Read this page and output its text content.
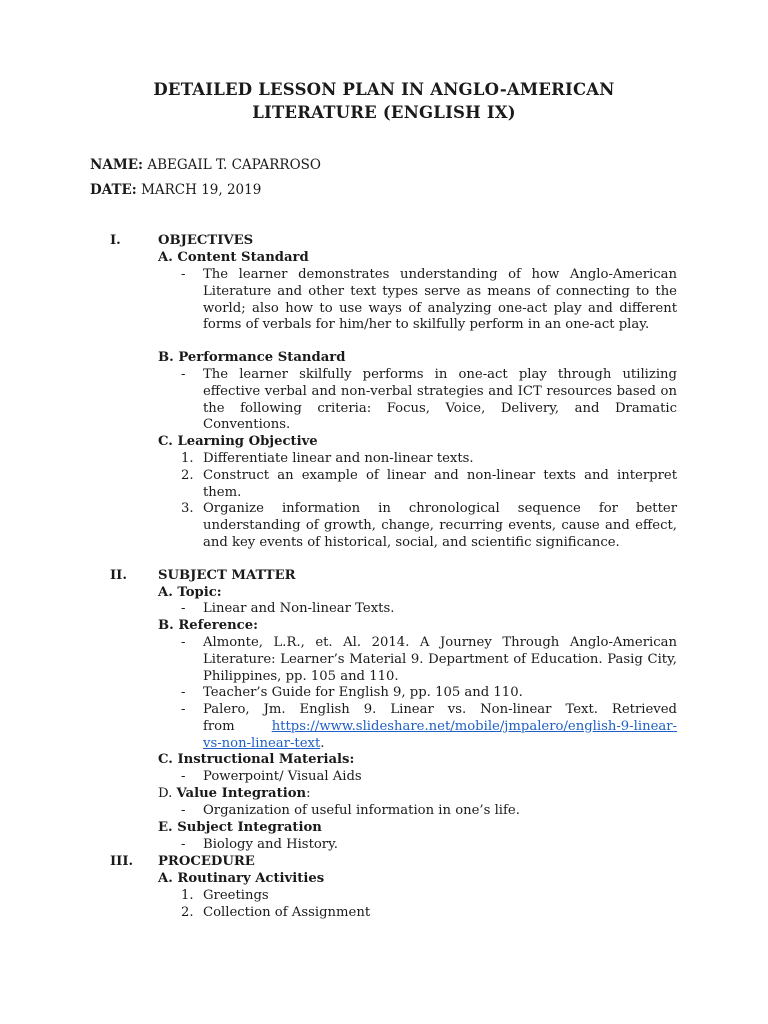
DETAILED LESSON PLAN IN ANGLO-AMERICAN
LITERATURE (ENGLISH IX)
NAME: ABEGAIL T. CAPARROSO
DATE: MARCH 19, 2019
I.	OBJECTIVES
A. Content Standard
- The learner demonstrates understanding of how Anglo-American Literature and other text types serve as means of connecting to the world; also how to use ways of analyzing one-act play and different forms of verbals for him/her to skilfully perform in an one-act play.
B. Performance Standard
- The learner skilfully performs in one-act play through utilizing effective verbal and non-verbal strategies and ICT resources based on the following criteria: Focus, Voice, Delivery, and Dramatic Conventions.
C. Learning Objective
1. Differentiate linear and non-linear texts.
2. Construct an example of linear and non-linear texts and interpret them.
3. Organize information in chronological sequence for better understanding of growth, change, recurring events, cause and effect, and key events of historical, social, and scientific significance.
II. SUBJECT MATTER
A. Topic:
- Linear and Non-linear Texts.
B. Reference:
- Almonte, L.R., et. Al. 2014. A Journey Through Anglo-American Literature: Learner’s Material 9. Department of Education. Pasig City, Philippines, pp. 105 and 110.
- Teacher’s Guide for English 9, pp. 105 and 110.
- Palero, Jm. English 9. Linear vs. Non-linear Text. Retrieved from	https://www.slideshare.net/mobile/jmpalero/english-9-linear-vs-non-linear-text.
C. Instructional Materials:
- Powerpoint/ Visual Aids
D. Value Integration:
- Organization of useful information in one’s life.
E. Subject Integration
- Biology and History.
III. PROCEDURE
A. Routinary Activities
1. Greetings
2. Collection of Assignment
